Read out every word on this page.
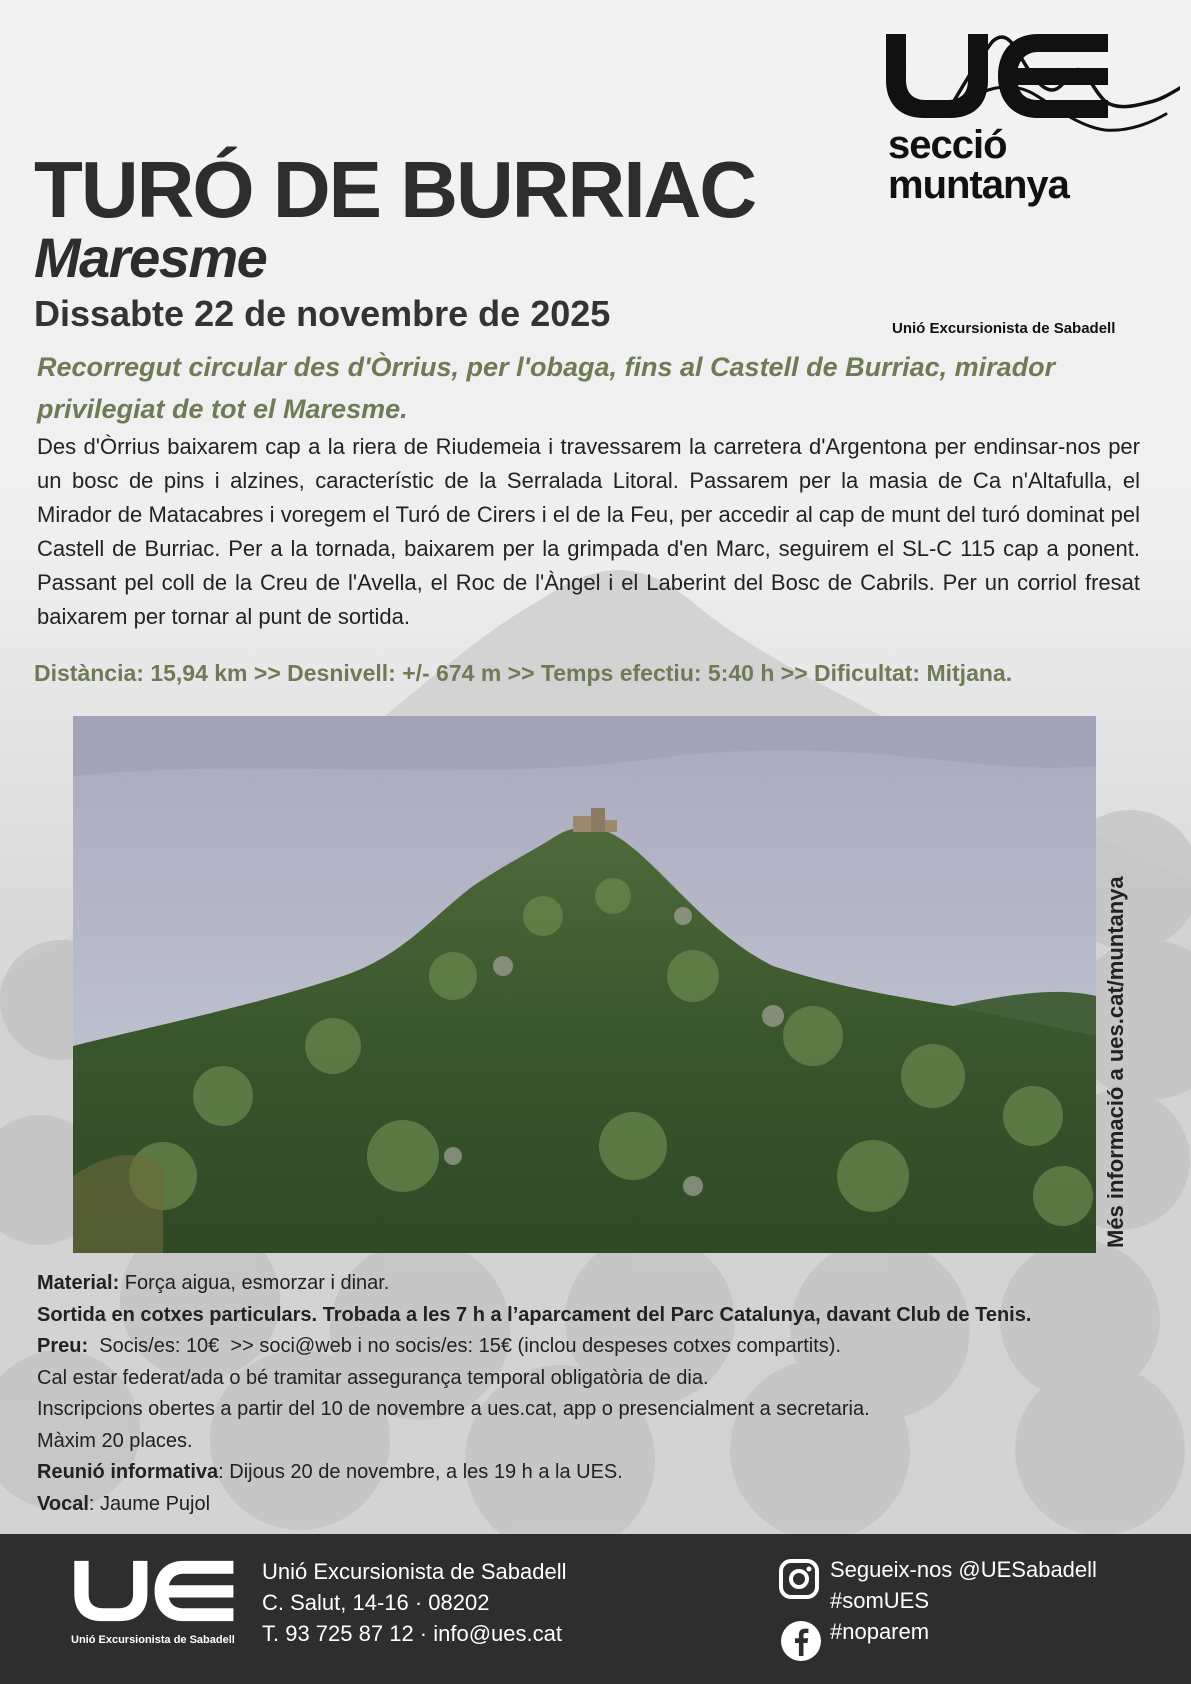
TURÓ DE BURRIAC
Maresme
Dissabte 22 de novembre de 2025
secció
muntanya
Unió Excursionista de Sabadell

Recorregut circular des d'Òrrius, per l'obaga, fins al Castell de Burriac, mirador privilegiat de tot el Maresme.

Des d'Òrrius baixarem cap a la riera de Riudemeia i travessarem la carretera d'Argentona per endinsar-nos per un bosc de pins i alzines, característic de la Serralada Litoral. Passarem per la masia de Ca n'Altafulla, el Mirador de Matacabres i voregem el Turó de Cirers i el de la Feu, per accedir al cap de munt del turó dominat pel Castell de Burriac. Per a la tornada, baixarem per la grimpada d'en Marc, seguirem el SL-C 115 cap a ponent. Passant pel coll de la Creu de l'Avella, el Roc de l'Àngel i el Laberint del Bosc de Cabrils. Per un corriol fresat baixarem per tornar al punt de sortida.

Distància: 15,94 km >> Desnivell: +/- 674 m >> Temps efectiu: 5:40 h >> Dificultat: Mitjana.

Més informació a ues.cat/muntanya

Material: Força aigua, esmorzar i dinar.

Sortida en cotxes particulars. Trobada a les 7 h a l’aparcament del Parc Catalunya, davant Club de Tenis.

Preu:  Socis/es: 10€  >> soci@web i no socis/es: 15€ (inclou despeses cotxes compartits).

Cal estar federat/ada o bé tramitar assegurança temporal obligatòria de dia.

Inscripcions obertes a partir del 10 de novembre a ues.cat, app o presencialment a secretaria.

Màxim 20 places.

Reunió informativa: Dijous 20 de novembre, a les 19 h a la UES.

Vocal: Jaume Pujol

Unió Excursionista de Sabadell
Unió Excursionista de Sabadell
C. Salut, 14-16 · 08202
T. 93 725 87 12 · info@ues.cat
Segueix-nos @UESabadell
#somUES
#noparem
